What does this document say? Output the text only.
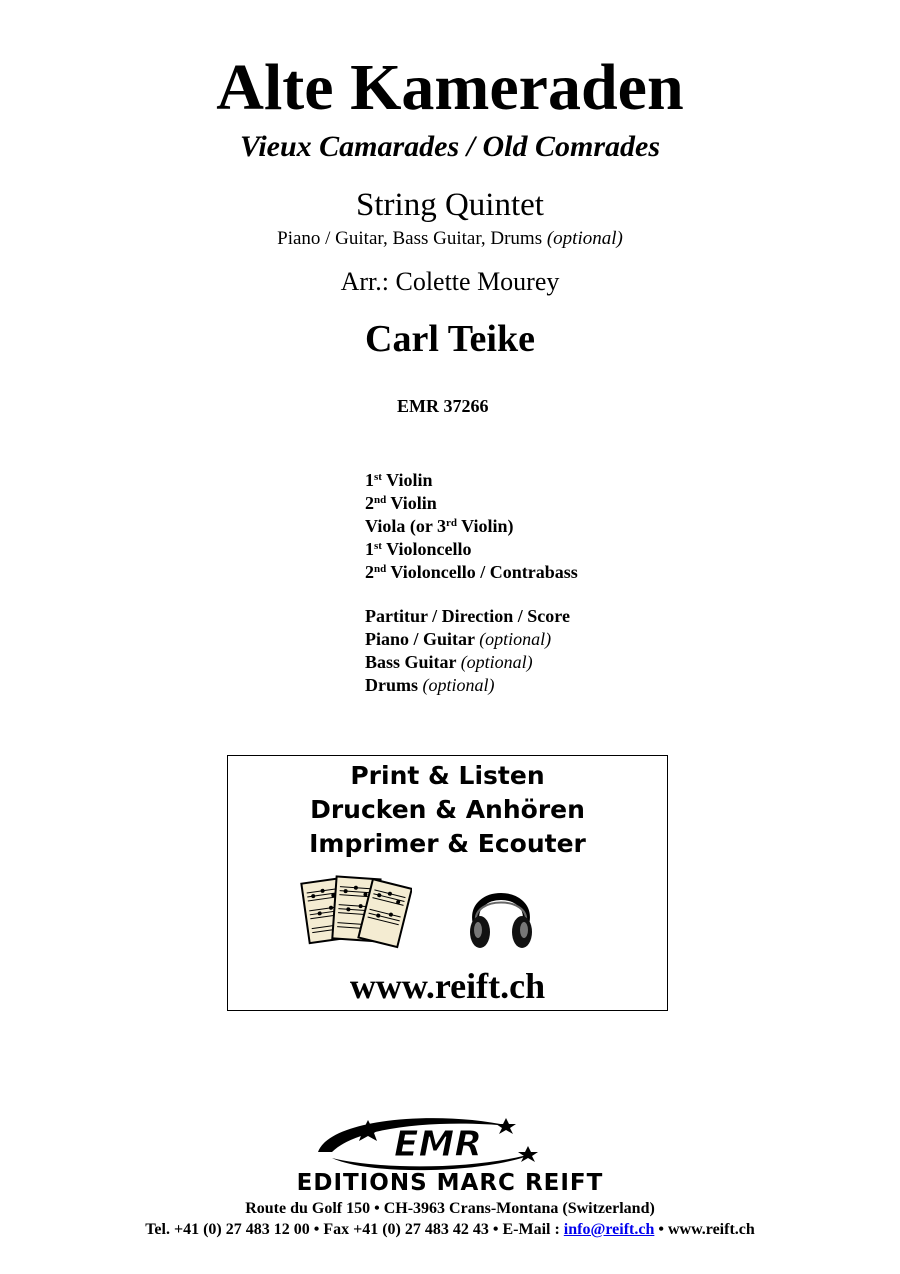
Alte Kameraden
Vieux Camarades / Old Comrades
String Quintet
Piano / Guitar, Bass Guitar, Drums (optional)
Arr.: Colette Mourey
Carl Teike
EMR 37266
1st Violin
2nd Violin
Viola (or 3rd Violin)
1st Violoncello
2nd Violoncello / Contrabass
Partitur / Direction / Score
Piano / Guitar (optional)
Bass Guitar (optional)
Drums (optional)
Print & Listen
Drucken & Anhören
Imprimer & Ecouter
www.reift.ch
EMR
EDITIONS MARC REIFT
Route du Golf 150 • CH-3963 Crans-Montana (Switzerland)
Tel. +41 (0) 27 483 12 00 • Fax +41 (0) 27 483 42 43 • E-Mail : info@reift.ch • www.reift.ch
